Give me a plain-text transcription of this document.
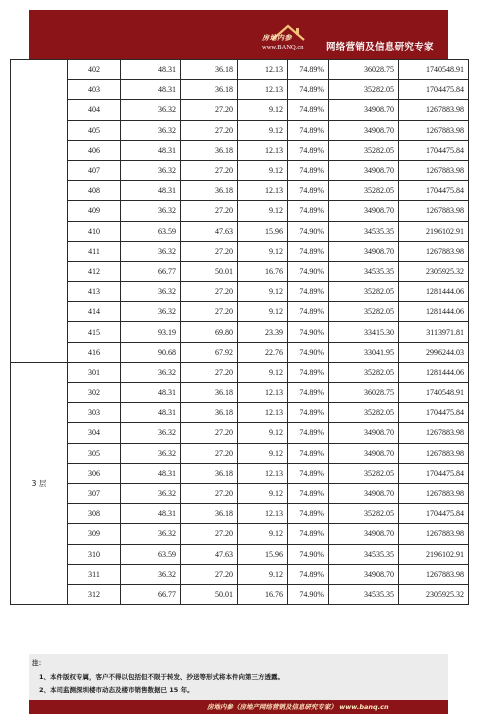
房地内参
www.BANQ.cn 网络营销及信息研究专家
	402	48.31	36.18	12.13	74.89%	36028.75	1740548.91
	403	48.31	36.18	12.13	74.89%	35282.05	1704475.84
	404	36.32	27.20	9.12	74.89%	34908.70	1267883.98
	405	36.32	27.20	9.12	74.89%	34908.70	1267883.98
	406	48.31	36.18	12.13	74.89%	35282.05	1704475.84
	407	36.32	27.20	9.12	74.89%	34908.70	1267883.98
	408	48.31	36.18	12.13	74.89%	35282.05	1704475.84
	409	36.32	27.20	9.12	74.89%	34908.70	1267883.98
	410	63.59	47.63	15.96	74.90%	34535.35	2196102.91
	411	36.32	27.20	9.12	74.89%	34908.70	1267883.98
	412	66.77	50.01	16.76	74.90%	34535.35	2305925.32
	413	36.32	27.20	9.12	74.89%	35282.05	1281444.06
	414	36.32	27.20	9.12	74.89%	35282.05	1281444.06
	415	93.19	69.80	23.39	74.90%	33415.30	3113971.81
	416	90.68	67.92	22.76	74.90%	33041.95	2996244.03
3 层	301	36.32	27.20	9.12	74.89%	35282.05	1281444.06
	302	48.31	36.18	12.13	74.89%	36028.75	1740548.91
	303	48.31	36.18	12.13	74.89%	35282.05	1704475.84
	304	36.32	27.20	9.12	74.89%	34908.70	1267883.98
	305	36.32	27.20	9.12	74.89%	34908.70	1267883.98
	306	48.31	36.18	12.13	74.89%	35282.05	1704475.84
	307	36.32	27.20	9.12	74.89%	34908.70	1267883.98
	308	48.31	36.18	12.13	74.89%	35282.05	1704475.84
	309	36.32	27.20	9.12	74.89%	34908.70	1267883.98
	310	63.59	47.63	15.96	74.90%	34535.35	2196102.91
	311	36.32	27.20	9.12	74.89%	34908.70	1267883.98
	312	66.77	50.01	16.76	74.90%	34535.35	2305925.32
注：
1、本件版权专属，客户不得以包括但不限于转发、抄送等形式将本件向第三方透露。
2、本司监测深圳楼市动态及楼市销售数据已 15 年。
房地内参（房地产网络营销及信息研究专家） www.banq.cn
